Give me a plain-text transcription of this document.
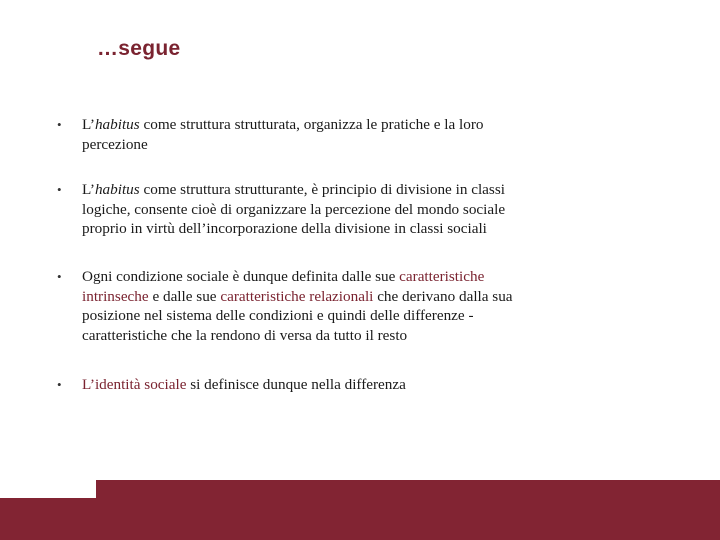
…segue
• L’habitus come struttura strutturata, organizza le pratiche e la loro
percezione
• L’habitus come struttura strutturante, è principio di divisione in classi
logiche, consente cioè di organizzare la percezione del mondo sociale
proprio in virtù dell’incorporazione della divisione in classi sociali
• Ogni condizione sociale è dunque definita dalle sue caratteristiche
intrinseche e dalle sue caratteristiche relazionali che derivano dalla sua
posizione nel sistema delle condizioni e quindi delle differenze -
caratteristiche che la rendono di versa da tutto il resto
• L’identità sociale si definisce dunque nella differenza
